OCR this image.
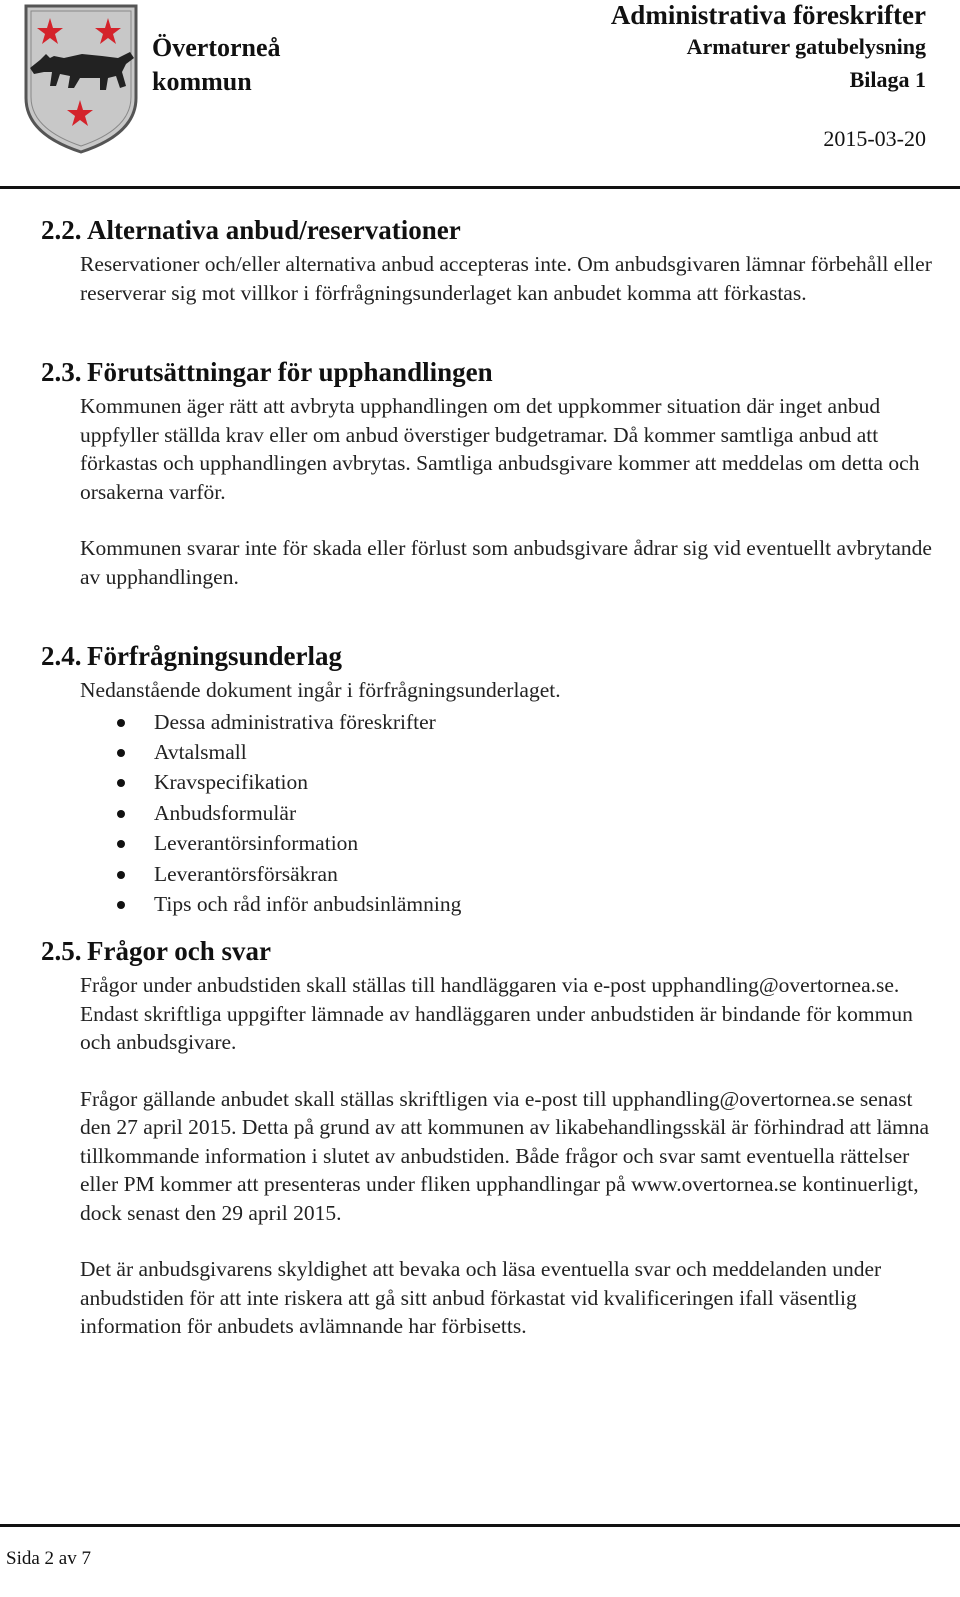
Övertorneå
kommun
Administrativa föreskrifter
Armaturer gatubelysning
Bilaga 1
2015-03-20
2.2. Alternativa anbud/reservationer

Reservationer och/eller alternativa anbud accepteras inte. Om anbudsgivaren lämnar förbehåll eller reserverar sig mot villkor i förfrågningsunderlaget kan anbudet komma att förkastas.

2.3. Förutsättningar för upphandlingen

Kommunen äger rätt att avbryta upphandlingen om det uppkommer situation där inget anbud uppfyller ställda krav eller om anbud överstiger budgetramar. Då kommer samtliga anbud att förkastas och upphandlingen avbrytas. Samtliga anbudsgivare kommer att meddelas om detta och orsakerna varför.

Kommunen svarar inte för skada eller förlust som anbudsgivare ådrar sig vid eventuellt avbrytande av upphandlingen.

2.4. Förfrågningsunderlag

Nedanstående dokument ingår i förfrågningsunderlaget.

Dessa administrativa föreskrifter
Avtalsmall
Kravspecifikation
Anbudsformulär
Leverantörsinformation
Leverantörsförsäkran
Tips och råd inför anbudsinlämning
2.5. Frågor och svar

Frågor under anbudstiden skall ställas till handläggaren via e-post upphandling@overtornea.se. Endast skriftliga uppgifter lämnade av handläggaren under anbudstiden är bindande för kommun och anbudsgivare.

Frågor gällande anbudet skall ställas skriftligen via e-post till upphandling@overtornea.se senast den 27 april 2015. Detta på grund av att kommunen av likabehandlingsskäl är förhindrad att lämna tillkommande information i slutet av anbudstiden. Både frågor och svar samt eventuella rättelser eller PM kommer att presenteras under fliken upphandlingar på www.overtornea.se kontinuerligt, dock senast den 29 april 2015.

Det är anbudsgivarens skyldighet att bevaka och läsa eventuella svar och meddelanden under anbudstiden för att inte riskera att gå sitt anbud förkastat vid kvalificeringen ifall väsentlig information för anbudets avlämnande har förbisetts.

Sida 2 av 7
